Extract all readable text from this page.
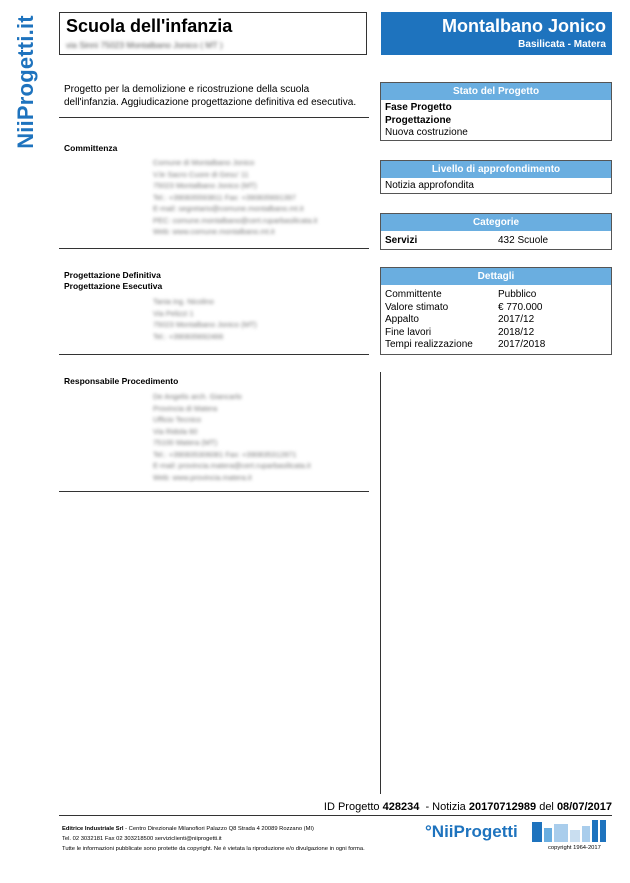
NiiProgetti.it Scuola dell'infanzia
via Sinni 75023 Montalbano Jonico ( MT )
Montalbano Jonico
Basilicata - Matera
Progetto per la demolizione e ricostruzione della scuola dell'infanzia. Aggiudicazione progettazione definitiva ed esecutiva.
Committenza
Comune di Montalbano Jonico
V.le Sacro Cuore di Gesu' 11
75023 Montalbano Jonico (MT)
Tel.: +390835593811 Fax: +390835691397
E-mail: segretario@comune.montalbano.mt.it
PEC: comune.montalbano@cert.ruparbasilicata.it
Web: www.comune.montalbano.mt.it
Progettazione Definitiva
Progettazione Esecutiva
Tania ing. Nicolino
Via Pelizzi 1
75023 Montalbano Jonico (MT)
Tel.: +390835692466
Responsabile Procedimento
De Angelis arch. Giancarlo
Provincia di Matera
Ufficio Tecnico
Via Ridola 60
75100 Matera (MT)
Tel.: +390835306081 Fax: +390835312871
E-mail: provincia.matera@cert.ruparbasilicata.it
Web: www.provincia.matera.it
Stato del Progetto
Fase Progetto
Progettazione
Nuova costruzione
Livello di approfondimento
Notizia approfondita
Categorie
Servizi	432 Scuole
Dettagli
Committente	Pubblico
Valore stimato	€ 770.000
Appalto	2017/12
Fine lavori	2018/12
Tempi realizzazione	2017/2018
ID Progetto 428234  - Notizia 20170712989 del 08/07/2017
Editrice Industriale Srl - Centro Direzionale Milanofiori Palazzo Q8 Strada 4 20089 Rozzano (MI)
Tel. 02 3032181 Fax 02 303218500 serviziclienti@niiprogetti.it
Tutte le informazioni pubblicate sono protette da copyright. Ne è vietata la riproduzione e/o divulgazione in ogni forma.
°NiiProgetti
copyright 1964-2017
